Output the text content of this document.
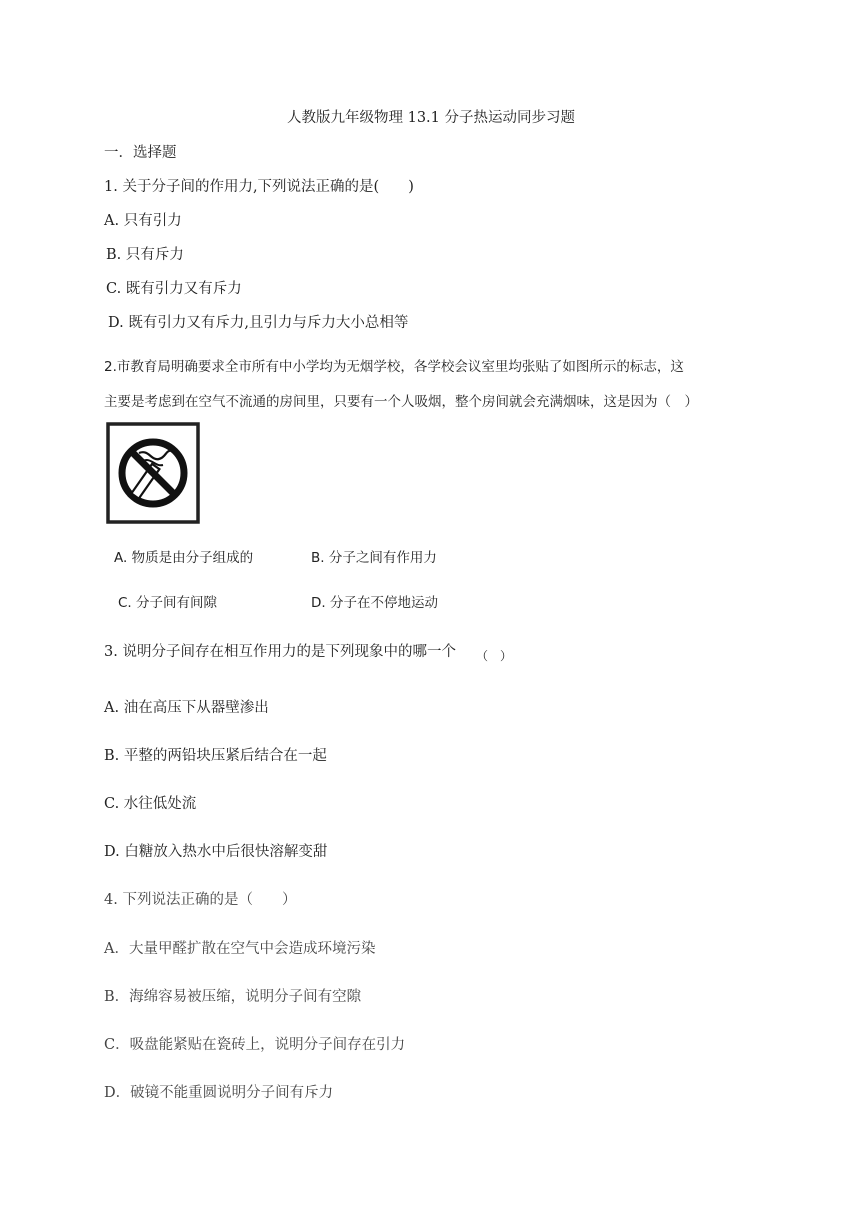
人教版九年级物理 13.1 分子热运动同步习题
一．选择题
1. 关于分子间的作用力,下列说法正确的是(　　)
A. 只有引力
B. 只有斥力
C. 既有引力又有斥力
D. 既有引力又有斥力,且引力与斥力大小总相等
2.市教育局明确要求全市所有中小学均为无烟学校，各学校会议室里均张贴了如图所示的标志，这
主要是考虑到在空气不流通的房间里，只要有一个人吸烟，整个房间就会充满烟味，这是因为（　）
A. 物质是由分子组成的	B. 分子之间有作用力
C. 分子间有间隙	D. 分子在不停地运动
3. 说明分子间存在相互作用力的是下列现象中的哪一个 （　）
A. 油在高压下从器壁渗出
B. 平整的两铅块压紧后结合在一起
C. 水往低处流
D. 白糖放入热水中后很快溶解变甜
4. 下列说法正确的是（　　）
A．大量甲醛扩散在空气中会造成环境污染
B．海绵容易被压缩，说明分子间有空隙
C．吸盘能紧贴在瓷砖上，说明分子间存在引力
D．破镜不能重圆说明分子间有斥力
